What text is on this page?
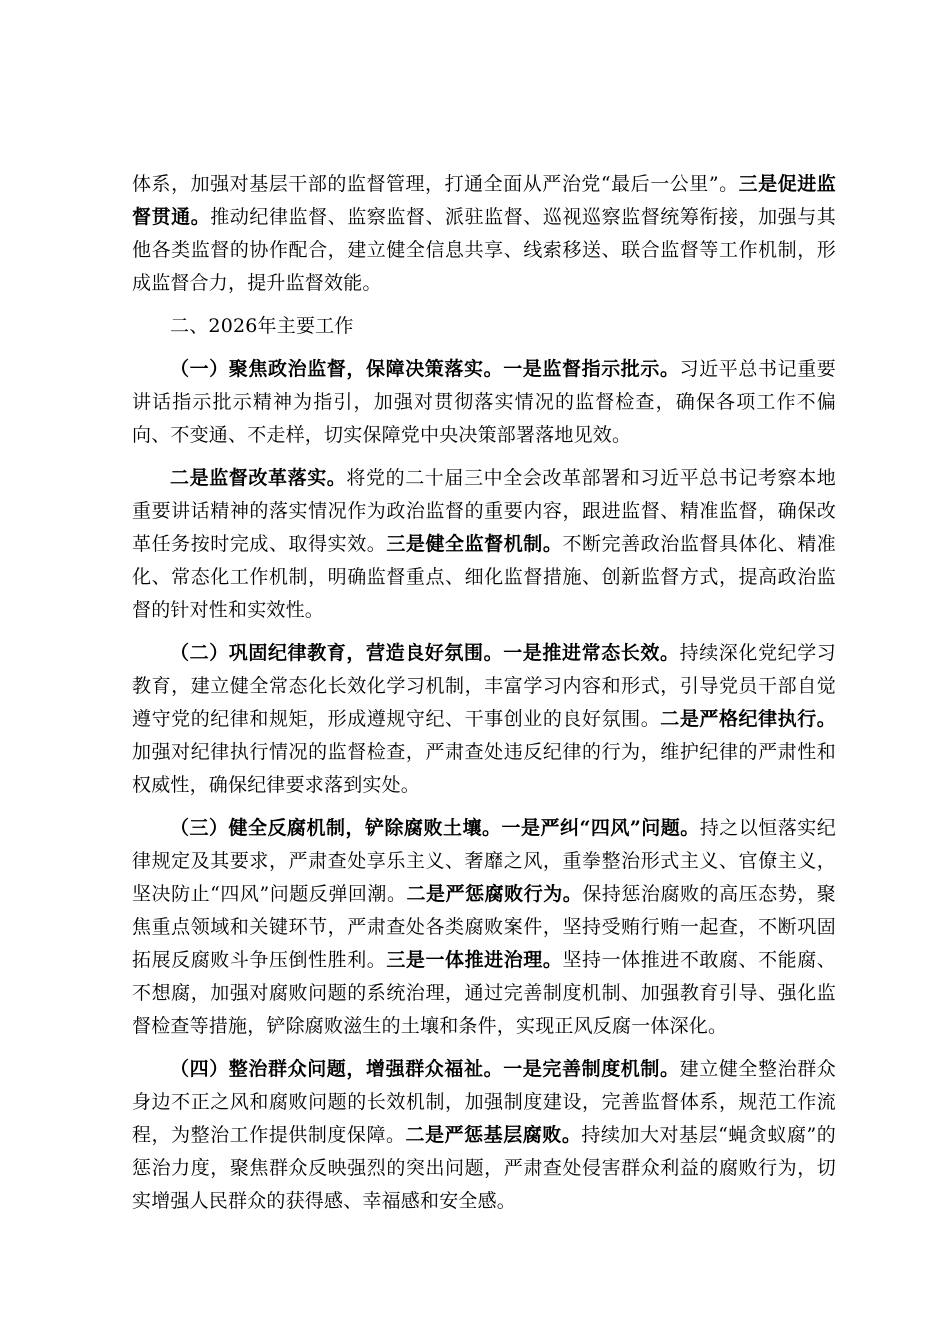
体系，加强对基层干部的监督管理，打通全面从严治党“最后一公里”。三是促进监督贯通。推动纪律监督、监察监督、派驻监督、巡视巡察监督统筹衔接，加强与其他各类监督的协作配合，建立健全信息共享、线索移送、联合监督等工作机制，形成监督合力，提升监督效能。

二、2026年主要工作

（一）聚焦政治监督，保障决策落实。一是监督指示批示。习近平总书记重要讲话指示批示精神为指引，加强对贯彻落实情况的监督检查，确保各项工作不偏向、不变通、不走样，切实保障党中央决策部署落地见效。

二是监督改革落实。将党的二十届三中全会改革部署和习近平总书记考察本地重要讲话精神的落实情况作为政治监督的重要内容，跟进监督、精准监督，确保改革任务按时完成、取得实效。三是健全监督机制。不断完善政治监督具体化、精准化、常态化工作机制，明确监督重点、细化监督措施、创新监督方式，提高政治监督的针对性和实效性。

（二）巩固纪律教育，营造良好氛围。一是推进常态长效。持续深化党纪学习教育，建立健全常态化长效化学习机制，丰富学习内容和形式，引导党员干部自觉遵守党的纪律和规矩，形成遵规守纪、干事创业的良好氛围。二是严格纪律执行。加强对纪律执行情况的监督检查，严肃查处违反纪律的行为，维护纪律的严肃性和权威性，确保纪律要求落到实处。

（三）健全反腐机制，铲除腐败土壤。一是严纠“四风”问题。持之以恒落实纪律规定及其要求，严肃查处享乐主义、奢靡之风，重拳整治形式主义、官僚主义，坚决防止“四风”问题反弹回潮。二是严惩腐败行为。保持惩治腐败的高压态势，聚焦重点领域和关键环节，严肃查处各类腐败案件，坚持受贿行贿一起查，不断巩固拓展反腐败斗争压倒性胜利。三是一体推进治理。坚持一体推进不敢腐、不能腐、不想腐，加强对腐败问题的系统治理，通过完善制度机制、加强教育引导、强化监督检查等措施，铲除腐败滋生的土壤和条件，实现正风反腐一体深化。

（四）整治群众问题，增强群众福祉。一是完善制度机制。建立健全整治群众身边不正之风和腐败问题的长效机制，加强制度建设，完善监督体系，规范工作流程，为整治工作提供制度保障。二是严惩基层腐败。持续加大对基层“蝇贪蚁腐”的惩治力度，聚焦群众反映强烈的突出问题，严肃查处侵害群众利益的腐败行为，切实增强人民群众的获得感、幸福感和安全感。
